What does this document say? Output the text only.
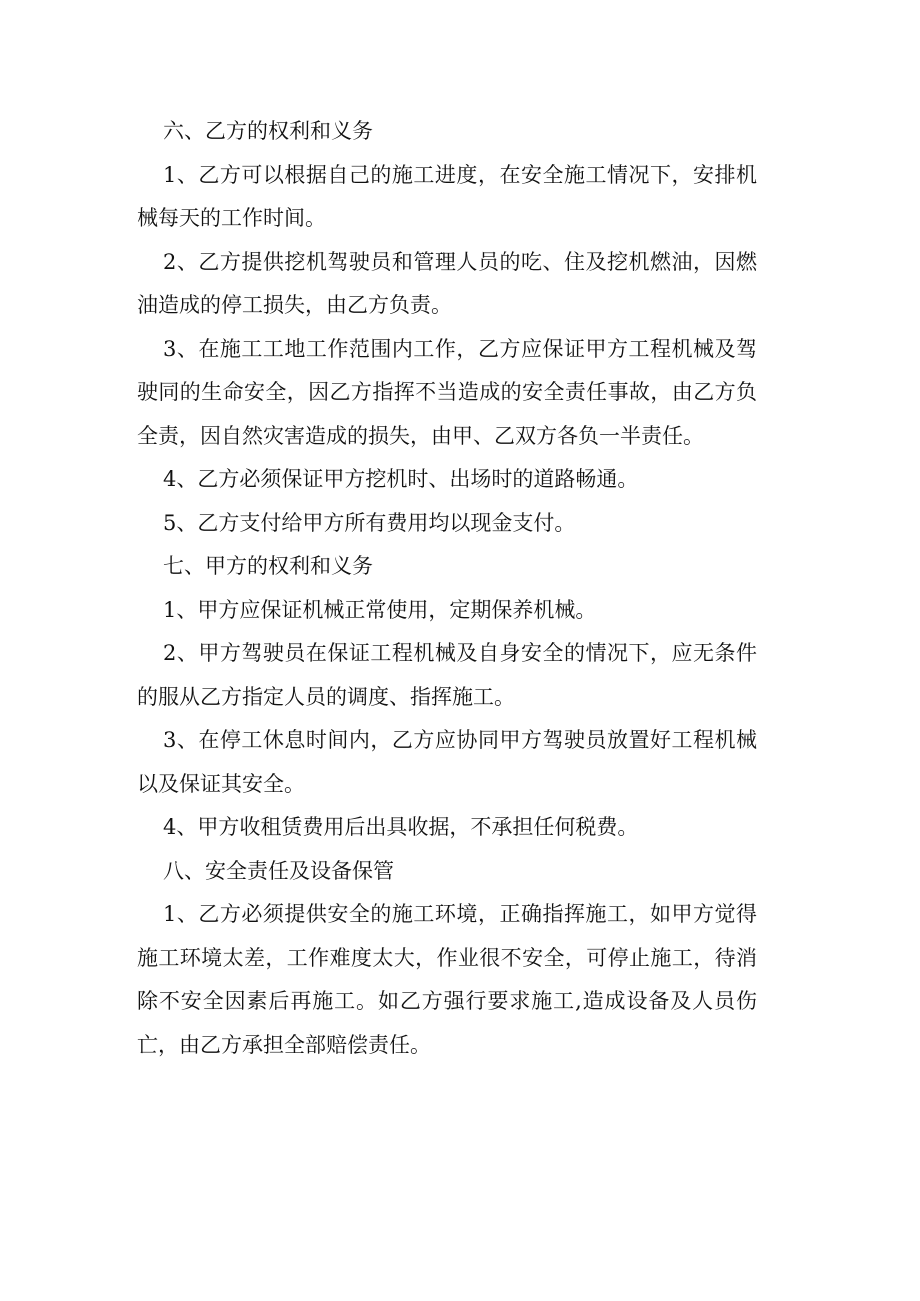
六、乙方的权利和义务

1、乙方可以根据自己的施工进度，在安全施工情况下，安排机械每天的工作时间。

2、乙方提供挖机驾驶员和管理人员的吃、住及挖机燃油，因燃油造成的停工损失，由乙方负责。

3、在施工工地工作范围内工作，乙方应保证甲方工程机械及驾驶同的生命安全，因乙方指挥不当造成的安全责任事故，由乙方负全责，因自然灾害造成的损失，由甲、乙双方各负一半责任。

4、乙方必须保证甲方挖机时、出场时的道路畅通。

5、乙方支付给甲方所有费用均以现金支付。

七、甲方的权利和义务

1、甲方应保证机械正常使用，定期保养机械。

2、甲方驾驶员在保证工程机械及自身安全的情况下，应无条件的服从乙方指定人员的调度、指挥施工。

3、在停工休息时间内，乙方应协同甲方驾驶员放置好工程机械以及保证其安全。

4、甲方收租赁费用后出具收据，不承担任何税费。

八、安全责任及设备保管

1、乙方必须提供安全的施工环境，正确指挥施工，如甲方觉得施工环境太差，工作难度太大，作业很不安全，可停止施工，待消除不安全因素后再施工。如乙方强行要求施工,造成设备及人员伤亡，由乙方承担全部赔偿责任。
